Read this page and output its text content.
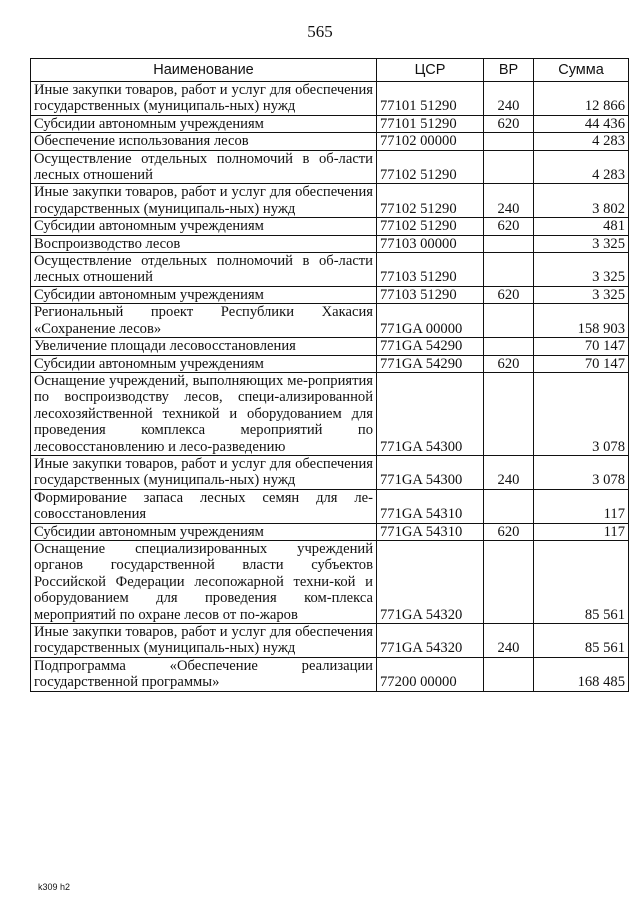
565
Наименование	ЦСР	ВР	Сумма
Иные закупки товаров, работ и услуг для обеспечения государственных (муниципаль-ных) нужд	77101 51290	240	12 866
Субсидии автономным учреждениям	77101 51290	620	44 436
Обеспечение использования лесов	77102 00000		4 283
Осуществление отдельных полномочий в об-ласти лесных отношений	77102 51290		4 283
Иные закупки товаров, работ и услуг для обеспечения государственных (муниципаль-ных) нужд	77102 51290	240	3 802
Субсидии автономным учреждениям	77102 51290	620	481
Воспроизводство лесов	77103 00000		3 325
Осуществление отдельных полномочий в об-ласти лесных отношений	77103 51290		3 325
Субсидии автономным учреждениям	77103 51290	620	3 325
Региональный проект Республики Хакасия «Сохранение лесов»	771GA 00000		158 903
Увеличение площади лесовосстановления	771GA 54290		70 147
Субсидии автономным учреждениям	771GA 54290	620	70 147
Оснащение учреждений, выполняющих ме-роприятия по воспроизводству лесов, специ-ализированной лесохозяйственной техникой и оборудованием для проведения комплекса мероприятий по лесовосстановлению и лесо-разведению	771GA 54300		3 078
Иные закупки товаров, работ и услуг для обеспечения государственных (муниципаль-ных) нужд	771GA 54300	240	3 078
Формирование запаса лесных семян для ле-совосстановления	771GA 54310		117
Субсидии автономным учреждениям	771GA 54310	620	117
Оснащение специализированных учреждений органов государственной власти субъектов Российской Федерации лесопожарной техни-кой и оборудованием для проведения ком-плекса мероприятий по охране лесов от по-жаров	771GA 54320		85 561
Иные закупки товаров, работ и услуг для обеспечения государственных (муниципаль-ных) нужд	771GA 54320	240	85 561
Подпрограмма «Обеспечение реализации государственной программы»	77200 00000		168 485
k309 h2
